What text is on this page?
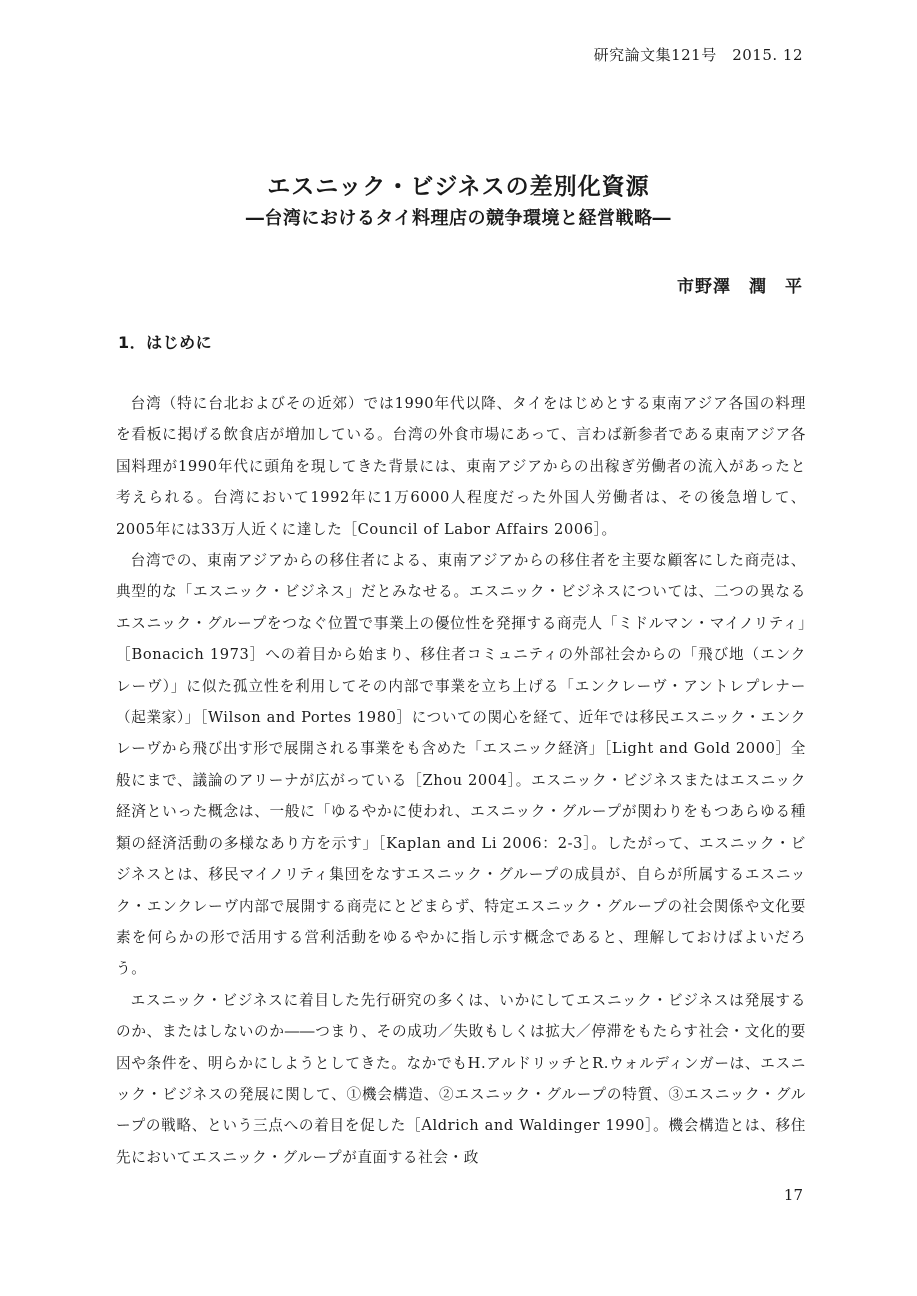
研究論文集121号　2015. 12
エスニック・ビジネスの差別化資源
―台湾におけるタイ料理店の競争環境と経営戦略―
市野澤　潤　平
1．はじめに

台湾（特に台北およびその近郊）では1990年代以降、タイをはじめとする東南アジア各国の料理を看板に掲げる飲食店が増加している。台湾の外食市場にあって、言わば新参者である東南アジア各国料理が1990年代に頭角を現してきた背景には、東南アジアからの出稼ぎ労働者の流入があったと考えられる。台湾において1992年に1万6000人程度だった外国人労働者は、その後急増して、2005年には33万人近くに達した［Council of Labor Affairs 2006］。

台湾での、東南アジアからの移住者による、東南アジアからの移住者を主要な顧客にした商売は、典型的な「エスニック・ビジネス」だとみなせる。エスニック・ビジネスについては、二つの異なるエスニック・グループをつなぐ位置で事業上の優位性を発揮する商売人「ミドルマン・マイノリティ」［Bonacich 1973］への着目から始まり、移住者コミュニティの外部社会からの「飛び地（エンクレーヴ）」に似た孤立性を利用してその内部で事業を立ち上げる「エンクレーヴ・アントレプレナー（起業家）」［Wilson and Portes 1980］についての関心を経て、近年では移民エスニック・エンクレーヴから飛び出す形で展開される事業をも含めた「エスニック経済」［Light and Gold 2000］全般にまで、議論のアリーナが広がっている［Zhou 2004］。エスニック・ビジネスまたはエスニック経済といった概念は、一般に「ゆるやかに使われ、エスニック・グループが関わりをもつあらゆる種類の経済活動の多様なあり方を示す」［Kaplan and Li 2006：2-3］。したがって、エスニック・ビジネスとは、移民マイノリティ集団をなすエスニック・グループの成員が、自らが所属するエスニック・エンクレーヴ内部で展開する商売にとどまらず、特定エスニック・グループの社会関係や文化要素を何らかの形で活用する営利活動をゆるやかに指し示す概念であると、理解しておけばよいだろう。

エスニック・ビジネスに着目した先行研究の多くは、いかにしてエスニック・ビジネスは発展するのか、またはしないのか――つまり、その成功／失敗もしくは拡大／停滞をもたらす社会・文化的要因や条件を、明らかにしようとしてきた。なかでもH.アルドリッチとR.ウォルディンガーは、エスニック・ビジネスの発展に関して、①機会構造、②エスニック・グループの特質、③エスニック・グループの戦略、という三点への着目を促した［Aldrich and Waldinger 1990］。機会構造とは、移住先においてエスニック・グループが直面する社会・政

17
